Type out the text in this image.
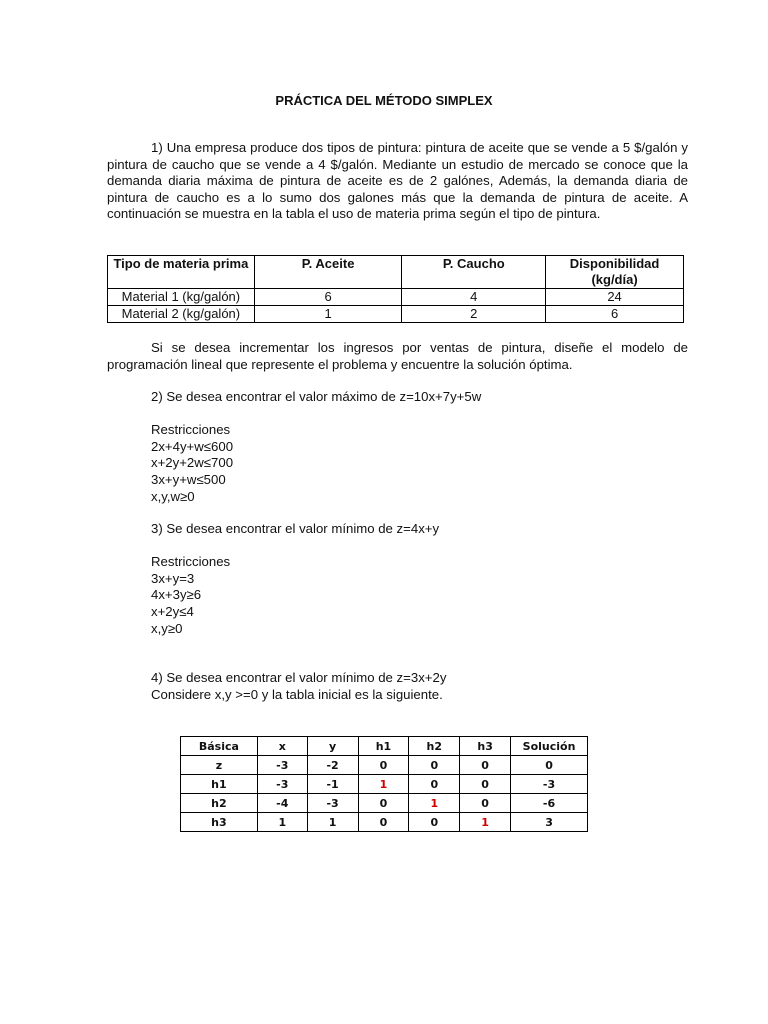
PRÁCTICA DEL MÉTODO SIMPLEX

1) Una empresa produce dos tipos de pintura: pintura de aceite que se vende a 5 $/galón y pintura de caucho que se vende a 4 $/galón. Mediante un estudio de mercado se conoce que la demanda diaria máxima de pintura de aceite es de 2 galónes, Además, la demanda diaria de pintura de caucho es a lo sumo dos galones más que la demanda de pintura de aceite. A continuación se muestra en la tabla el uso de materia prima según el tipo de pintura.

Tipo de materia prima	P. Aceite	P. Caucho	Disponibilidad (kg/día)
Material 1 (kg/galón)	6	4	24
Material 2 (kg/galón)	1	2	6

Si se desea incrementar los ingresos por ventas de pintura, diseñe el modelo de programación lineal que represente el problema y encuentre la solución óptima.

2) Se desea encontrar el valor máximo de z=10x+7y+5w
Restricciones
2x+4y+w≤600
x+2y+2w≤700
3x+y+w≤500
x,y,w≥0
3) Se desea encontrar el valor mínimo de z=4x+y
Restricciones
3x+y=3
4x+3y≥6
x+2y≤4
x,y≥0
4) Se desea encontrar el valor mínimo de z=3x+2y
Considere x,y >=0 y la tabla inicial es la siguiente.
Básica	x	y	h1	h2	h3	Solución
z	-3	-2	0	0	0	0
h1	-3	-1	1	0	0	-3
h2	-4	-3	0	1	0	-6
h3	1	1	0	0	1	3
